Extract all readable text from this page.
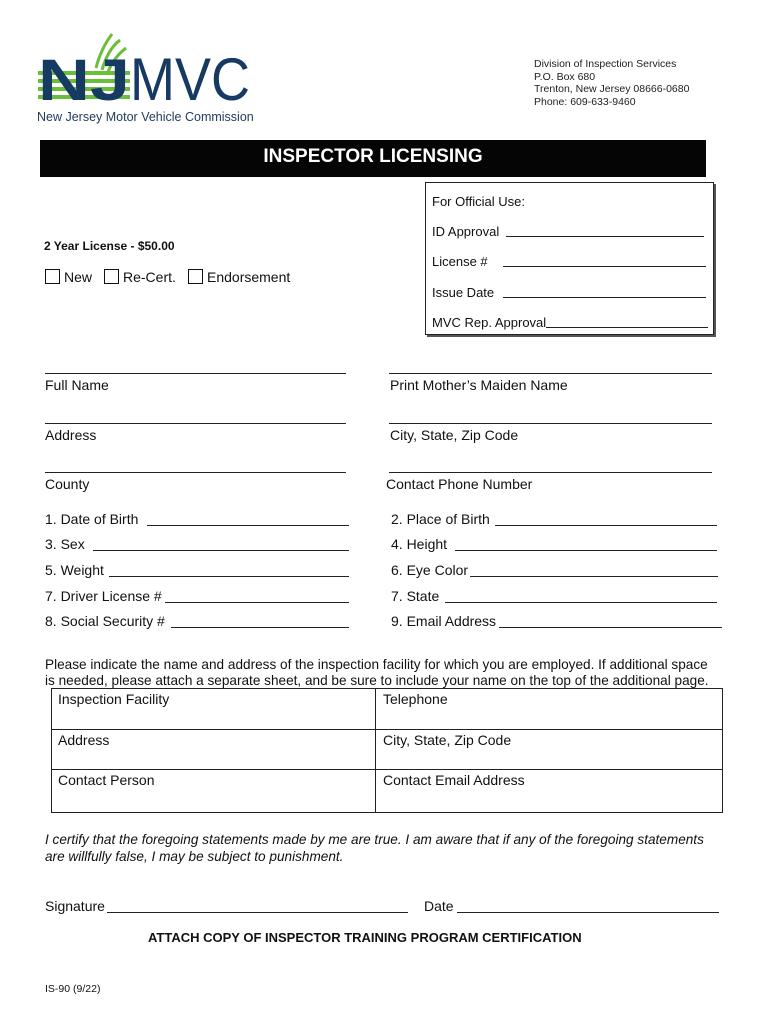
NJ MVC
New Jersey Motor Vehicle Commission
Division of Inspection Services
P.O. Box 680
Trenton, New Jersey 08666-0680
Phone: 609-633-9460
INSPECTOR LICENSING
For Official Use:
ID Approval
License #
Issue Date
MVC Rep. Approval
2 Year License - $50.00
New Re-Cert. Endorsement
Full Name	Print Mother’s Maiden Name
Address	City, State, Zip Code
County	Contact Phone Number
1. Date of Birth	2. Place of Birth
3. Sex	4. Height
5. Weight	6. Eye Color
7. Driver License #	7. State
8. Social Security #	9. Email Address
Please indicate the name and address of the inspection facility for which you are employed. If additional space
is needed, please attach a separate sheet, and be sure to include your name on the top of the additional page.
Inspection Facility	Telephone
Address	City, State, Zip Code
Contact Person	Contact Email Address
I certify that the foregoing statements made by me are true. I am aware that if any of the foregoing statements
are willfully false, I may be subject to punishment.
Signature	Date
ATTACH COPY OF INSPECTOR TRAINING PROGRAM CERTIFICATION
IS-90 (9/22)
